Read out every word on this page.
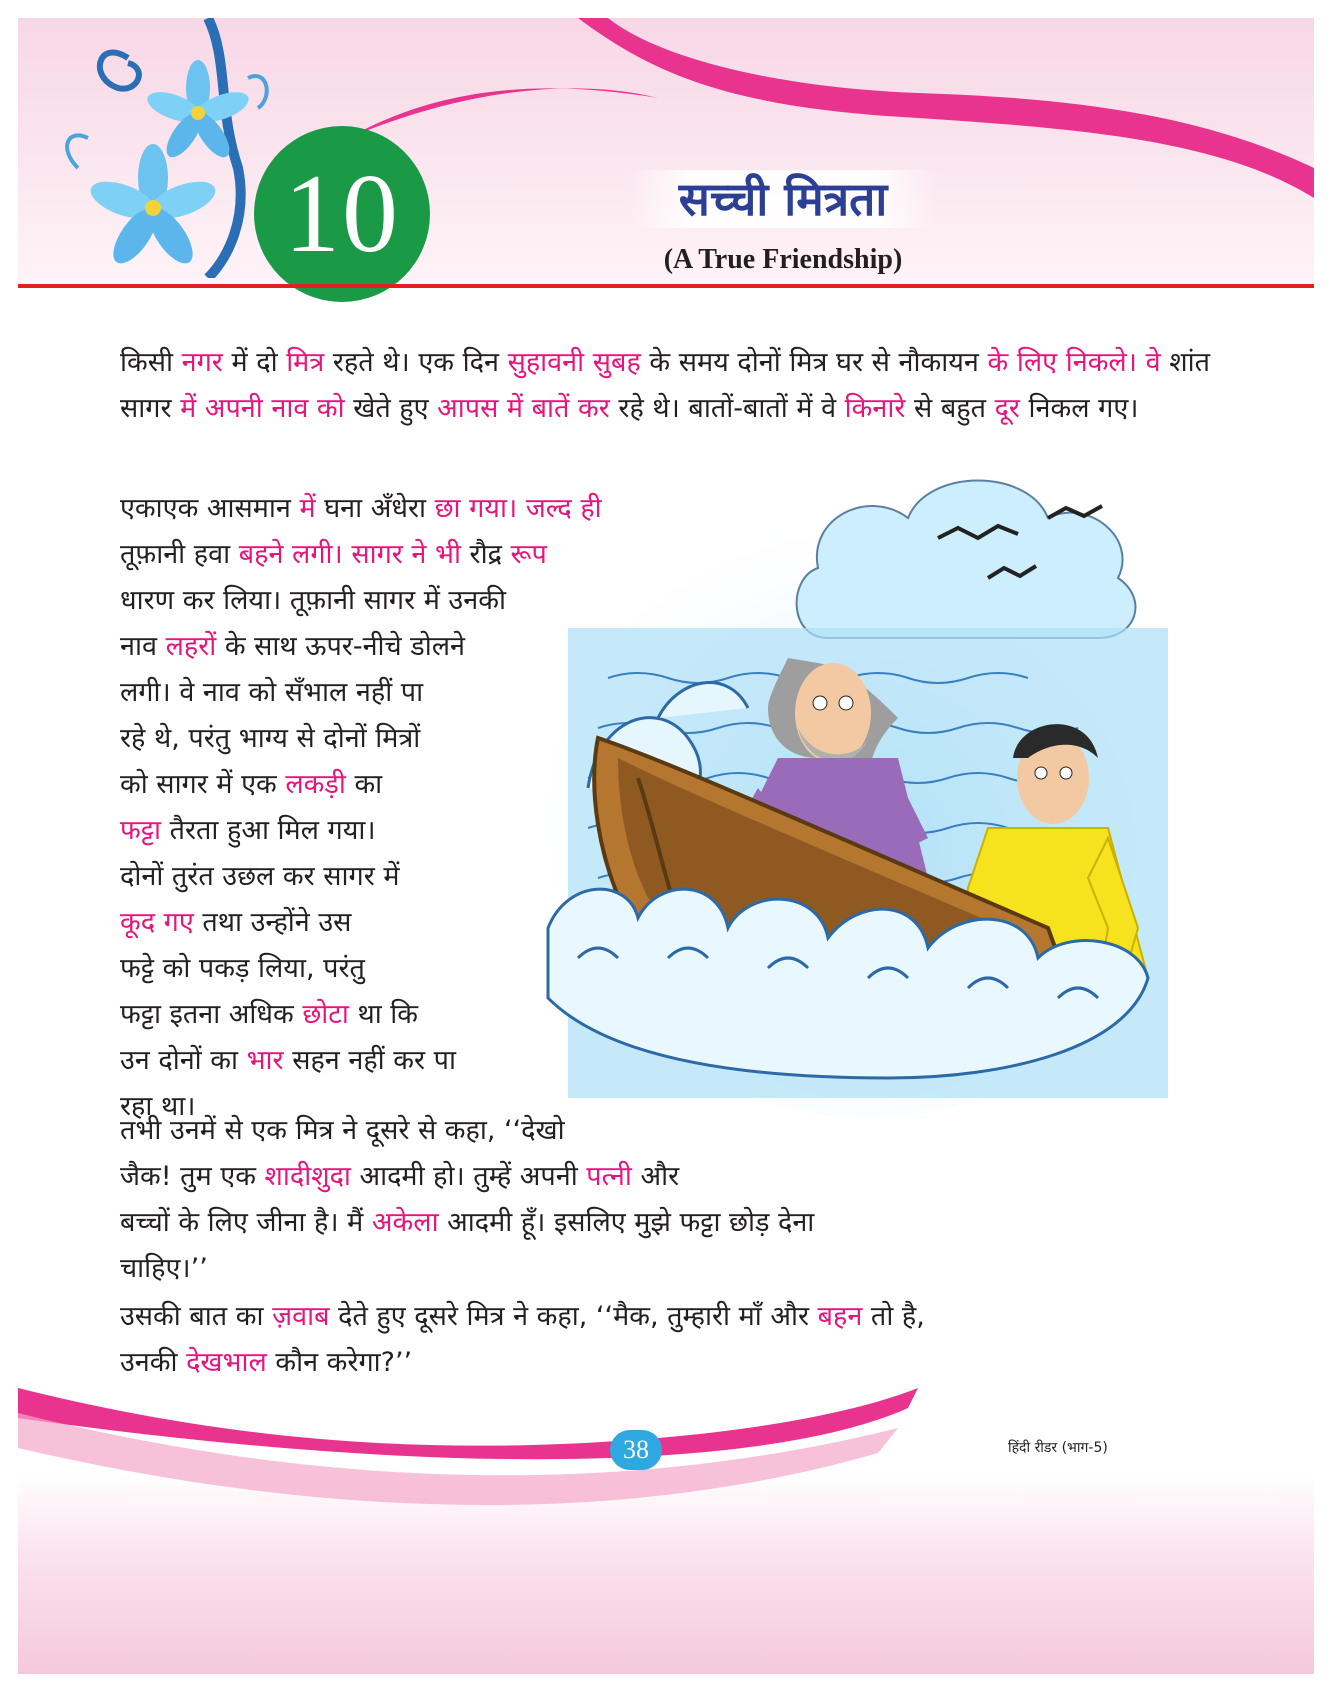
10	सच्ची मित्रता
(A True Friendship)
किसी नगर में दो मित्र रहते थे। एक दिन सुहावनी सुबह के समय दोनों मित्र घर से नौकायन के लिए निकले। वे शांत सागर में अपनी नाव को खेते हुए आपस में बातें कर रहे थे। बातों-बातों में वे किनारे से बहुत दूर निकल गए।
एकाएक आसमान में घना अँधेरा छा गया। जल्द ही
तूफ़ानी हवा बहने लगी। सागर ने भी रौद्र रूप
धारण कर लिया। तूफ़ानी सागर में उनकी
नाव लहरों के साथ ऊपर-नीचे डोलने
लगी। वे नाव को सँभाल नहीं पा
रहे थे, परंतु भाग्य से दोनों मित्रों
को सागर में एक लकड़ी का
फट्टा तैरता हुआ मिल गया।
दोनों तुरंत उछल कर सागर में
कूद गए तथा उन्होंने उस
फट्टे को पकड़ लिया, परंतु
फट्टा इतना अधिक छोटा था कि
उन दोनों का भार सहन नहीं कर पा
रहा था।
तभी उनमें से एक मित्र ने दूसरे से कहा, ‘‘देखो
जैक! तुम एक शादीशुदा आदमी हो। तुम्हें अपनी पत्नी और
बच्चों के लिए जीना है। मैं अकेला आदमी हूँ। इसलिए मुझे फट्टा छोड़ देना
चाहिए।’’
उसकी बात का ज़वाब देते हुए दूसरे मित्र ने कहा, ‘‘मैक, तुम्हारी माँ और बहन तो है,
उनकी देखभाल कौन करेगा?’’
38	हिंदी रीडर (भाग-5)
